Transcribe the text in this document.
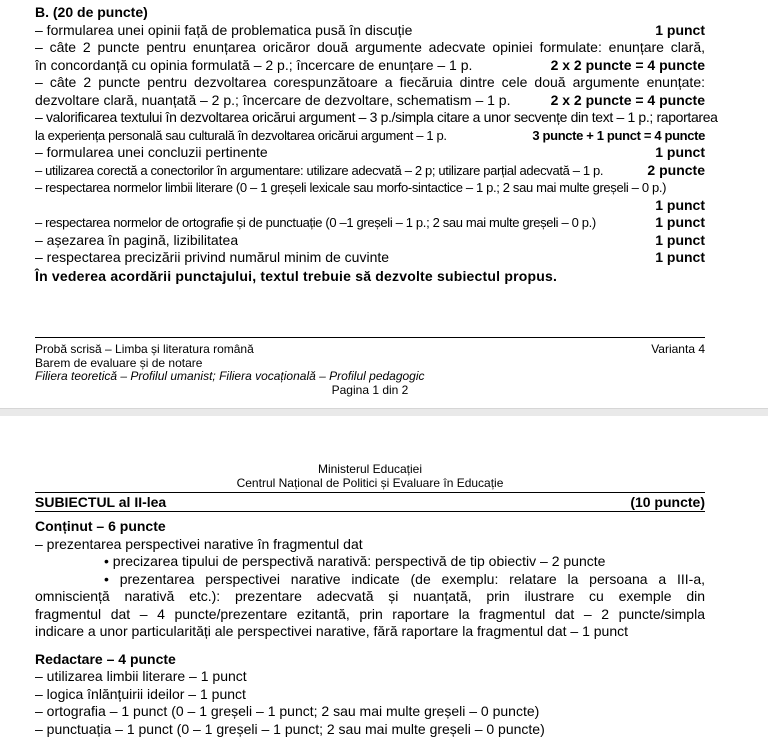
B. (20 de puncte)
– formularea unei opinii față de problematica pusă în discuție	1 punct
– câte 2 puncte pentru enunțarea oricăror două argumente adecvate opiniei formulate: enunțare clară,
în concordanță cu opinia formulată – 2 p.; încercare de enunțare – 1 p.	2 x 2 puncte = 4 puncte
– câte 2 puncte pentru dezvoltarea corespunzătoare a fiecăruia dintre cele două argumente enunțate:
dezvoltare clară, nuanțată – 2 p.; încercare de dezvoltare, schematism – 1 p.	2 x 2 puncte = 4 puncte
– valorificarea textului în dezvoltarea oricărui argument – 3 p./simpla citare a unor secvențe din text – 1 p.; raportarea
la experiența personală sau culturală în dezvoltarea oricărui argument – 1 p.	3 puncte + 1 punct = 4 puncte
– formularea unei concluzii pertinente	1 punct
– utilizarea corectă a conectorilor în argumentare: utilizare adecvată – 2 p; utilizare parțial adecvată – 1 p.	2 puncte
– respectarea normelor limbii literare (0 – 1 greșeli lexicale sau morfo-sintactice – 1 p.; 2 sau mai multe greșeli – 0 p.)
1 punct
– respectarea normelor de ortografie și de punctuație (0 –1 greșeli – 1 p.; 2 sau mai multe greșeli – 0 p.)	1 punct
– așezarea în pagină, lizibilitatea	1 punct
– respectarea precizării privind numărul minim de cuvinte	1 punct
În vederea acordării punctajului, textul trebuie să dezvolte subiectul propus.
Probă scrisă – Limba și literatura română	Varianta 4
Barem de evaluare și de notare
Filiera teoretică – Profilul umanist; Filiera vocațională – Profilul pedagogic
Pagina 1 din 2
Ministerul Educației
Centrul Național de Politici și Evaluare în Educație
SUBIECTUL al II-lea	(10 puncte)
Conținut – 6 puncte
– prezentarea perspectivei narative în fragmentul dat
• precizarea tipului de perspectivă narativă: perspectivă de tip obiectiv – 2 puncte
• prezentarea perspectivei narative indicate (de exemplu: relatare la persoana a III-a,
omnisciență narativă etc.): prezentare adecvată și nuanțată, prin ilustrare cu exemple din
fragmentul dat – 4 puncte/prezentare ezitantă, prin raportare la fragmentul dat – 2 puncte/simpla
indicare a unor particularități ale perspectivei narative, fără raportare la fragmentul dat – 1 punct
Redactare – 4 puncte
– utilizarea limbii literare – 1 punct
– logica înlănțuirii ideilor – 1 punct
– ortografia – 1 punct (0 – 1 greșeli – 1 punct; 2 sau mai multe greșeli – 0 puncte)
– punctuația – 1 punct (0 – 1 greșeli – 1 punct; 2 sau mai multe greșeli – 0 puncte)
